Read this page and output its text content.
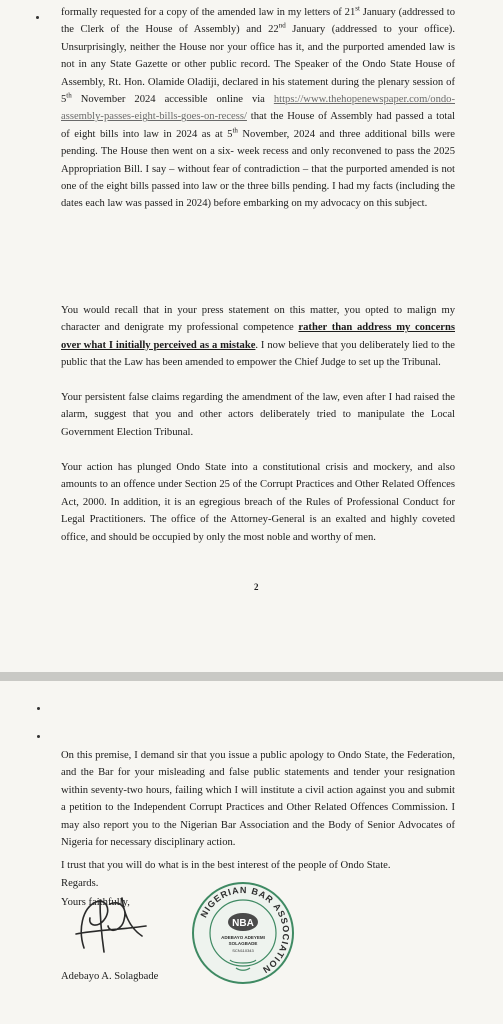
formally requested for a copy of the amended law in my letters of 21st January (addressed to the Clerk of the House of Assembly) and 22nd January (addressed to your office). Unsurprisingly, neither the House nor your office has it, and the purported amended law is not in any State Gazette or other public record. The Speaker of the Ondo State House of Assembly, Rt. Hon. Olamide Oladiji, declared in his statement during the plenary session of 5th November 2024 accessible online via https://www.thehopenewspaper.com/ondo-assembly-passes-eight-bills-goes-on-recess/ that the House of Assembly had passed a total of eight bills into law in 2024 as at 5th November, 2024 and three additional bills were pending. The House then went on a six- week recess and only reconvened to pass the 2025 Appropriation Bill. I say – without fear of contradiction – that the purported amended is not one of the eight bills passed into law or the three bills pending. I had my facts (including the dates each law was passed in 2024) before embarking on my advocacy on this subject.

You would recall that in your press statement on this matter, you opted to malign my character and denigrate my professional competence rather than address my concerns over what I initially perceived as a mistake. I now believe that you deliberately lied to the public that the Law has been amended to empower the Chief Judge to set up the Tribunal.

Your persistent false claims regarding the amendment of the law, even after I had raised the alarm, suggest that you and other actors deliberately tried to manipulate the Local Government Election Tribunal.

Your action has plunged Ondo State into a constitutional crisis and mockery, and also amounts to an offence under Section 25 of the Corrupt Practices and Other Related Offences Act, 2000. In addition, it is an egregious breach of the Rules of Professional Conduct for Legal Practitioners. The office of the Attorney-General is an exalted and highly coveted office, and should be occupied by only the most noble and worthy of men.

2

On this premise, I demand sir that you issue a public apology to Ondo State, the Federation, and the Bar for your misleading and false public statements and tender your resignation within seventy-two hours, failing which I will institute a civil action against you and submit a petition to the Independent Corrupt Practices and Other Related Offences Commission. I may also report you to the Nigerian Bar Association and the Body of Senior Advocates of Nigeria for necessary disciplinary action.

I trust that you will do what is in the best interest of the people of Ondo State.

Regards.
Yours faithfully,
Adebayo A. Solagbade
NIGERIAN BAR ASSOCIATION
NBA
ADEBAYO ADEYEMI
SOLAGBADE
SCN110343
